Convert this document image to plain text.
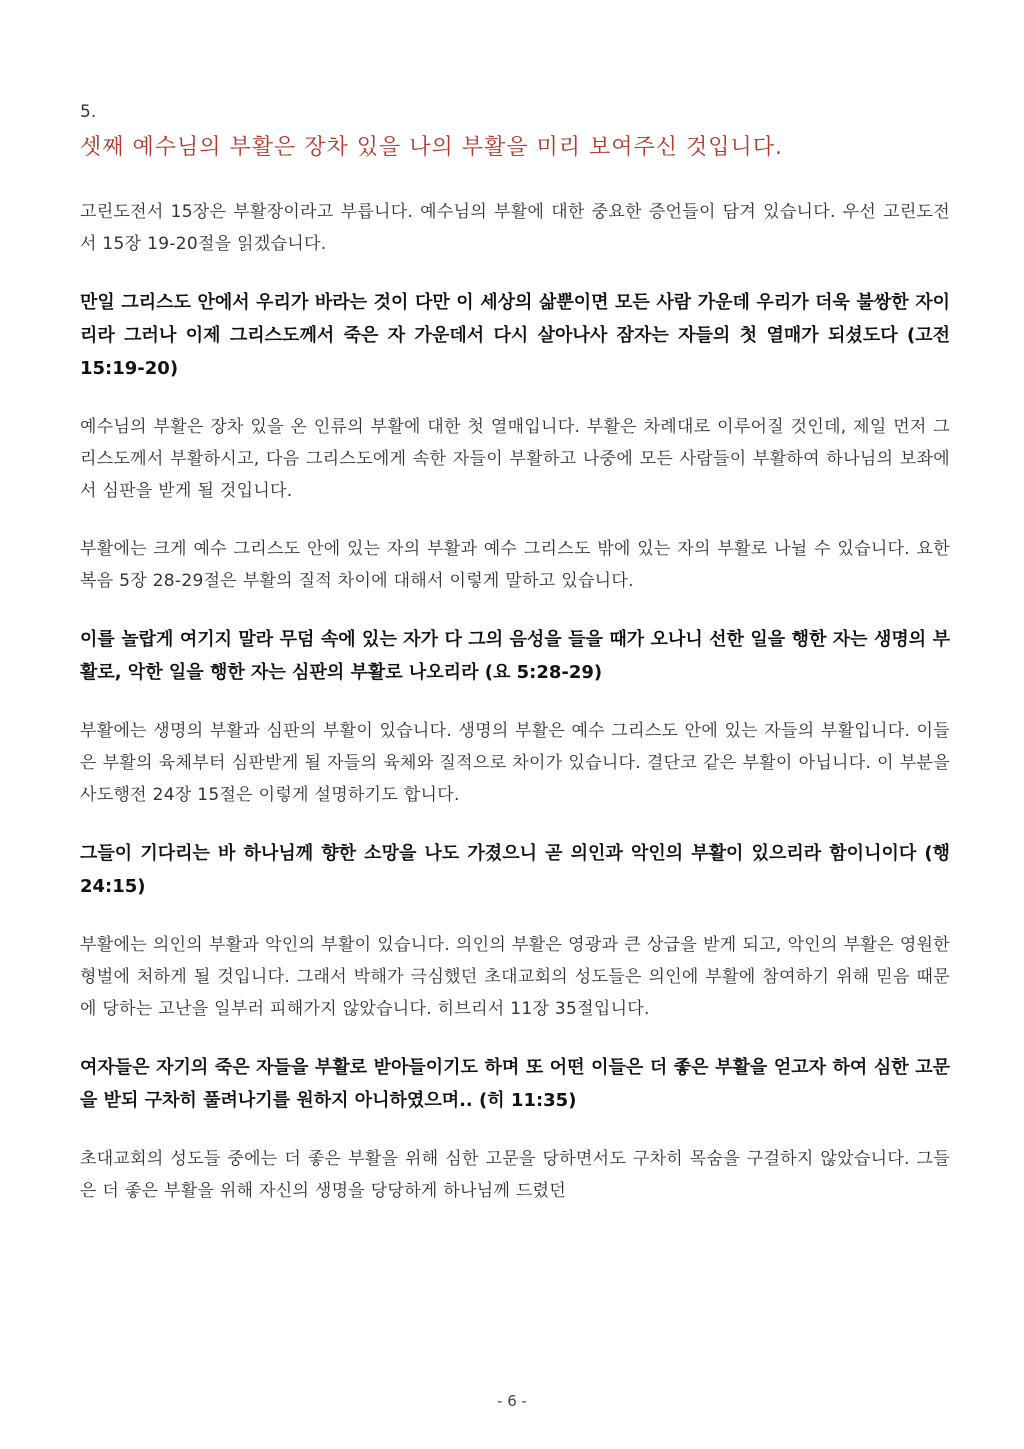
5.
셋째 예수님의 부활은 장차 있을 나의 부활을 미리 보여주신 것입니다.

고린도전서 15장은 부활장이라고 부릅니다. 예수님의 부활에 대한 중요한 증언들이 담겨 있습니다. 우선 고린도전서 15장 19-20절을 읽겠습니다.

만일 그리스도 안에서 우리가 바라는 것이 다만 이 세상의 삶뿐이면 모든 사람 가운데 우리가 더욱 불쌍한 자이리라 그러나 이제 그리스도께서 죽은 자 가운데서 다시 살아나사 잠자는 자들의 첫 열매가 되셨도다 (고전 15:19-20)

예수님의 부활은 장차 있을 온 인류의 부활에 대한 첫 열매입니다. 부활은 차례대로 이루어질 것인데, 제일 먼저 그리스도께서 부활하시고, 다음 그리스도에게 속한 자들이 부활하고 나중에 모든 사람들이 부활하여 하나님의 보좌에서 심판을 받게 될 것입니다.

부활에는 크게 예수 그리스도 안에 있는 자의 부활과 예수 그리스도 밖에 있는 자의 부활로 나뉠 수 있습니다. 요한복음 5장 28-29절은 부활의 질적 차이에 대해서 이렇게 말하고 있습니다.

이를 놀랍게 여기지 말라 무덤 속에 있는 자가 다 그의 음성을 들을 때가 오나니 선한 일을 행한 자는 생명의 부활로, 악한 일을 행한 자는 심판의 부활로 나오리라 (요 5:28-29)

부활에는 생명의 부활과 심판의 부활이 있습니다. 생명의 부활은 예수 그리스도 안에 있는 자들의 부활입니다. 이들은 부활의 육체부터 심판받게 될 자들의 육체와 질적으로 차이가 있습니다. 결단코 같은 부활이 아닙니다. 이 부분을 사도행전 24장 15절은 이렇게 설명하기도 합니다.

그들이 기다리는 바 하나님께 향한 소망을 나도 가졌으니 곧 의인과 악인의 부활이 있으리라 함이니이다 (행 24:15)

부활에는 의인의 부활과 악인의 부활이 있습니다. 의인의 부활은 영광과 큰 상급을 받게 되고, 악인의 부활은 영원한 형벌에 처하게 될 것입니다. 그래서 박해가 극심했던 초대교회의 성도들은 의인에 부활에 참여하기 위해 믿음 때문에 당하는 고난을 일부러 피해가지 않았습니다. 히브리서 11장 35절입니다.

여자들은 자기의 죽은 자들을 부활로 받아들이기도 하며 또 어떤 이들은 더 좋은 부활을 얻고자 하여 심한 고문을 받되 구차히 풀려나기를 원하지 아니하였으며.. (히 11:35)

초대교회의 성도들 중에는 더 좋은 부활을 위해 심한 고문을 당하면서도 구차히 목숨을 구걸하지 않았습니다. 그들은 더 좋은 부활을 위해 자신의 생명을 당당하게 하나님께 드렸던

- 6 -
